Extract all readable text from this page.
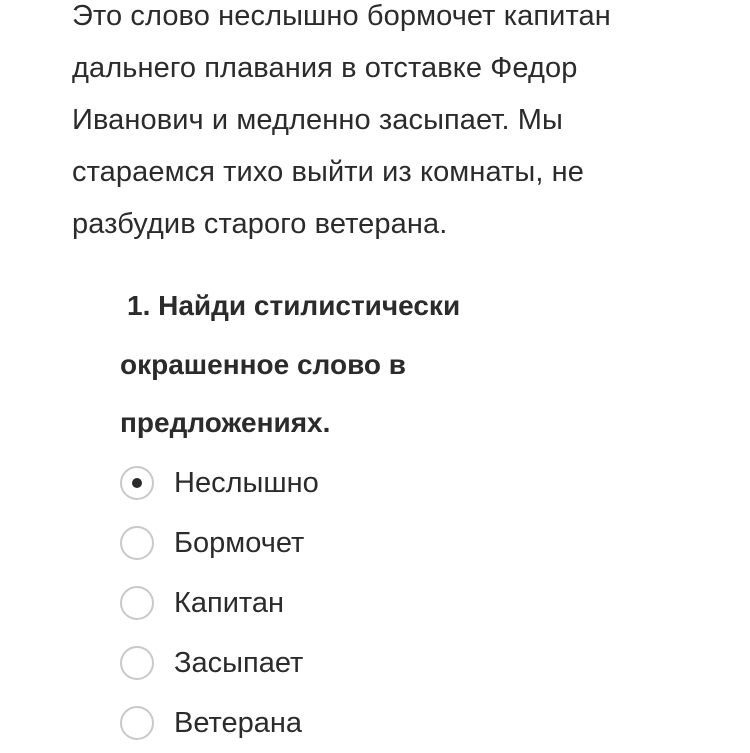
Это слово неслышно бормочет капитан
дальнего плавания в отставке Федор
Иванович и медленно засыпает. Мы
стараемся тихо выйти из комнаты, не
разбудив старого ветерана.
1. Найди стилистически
окрашенное слово в
предложениях.
Неслышно
Бормочет
Капитан
Засыпает
Ветерана
